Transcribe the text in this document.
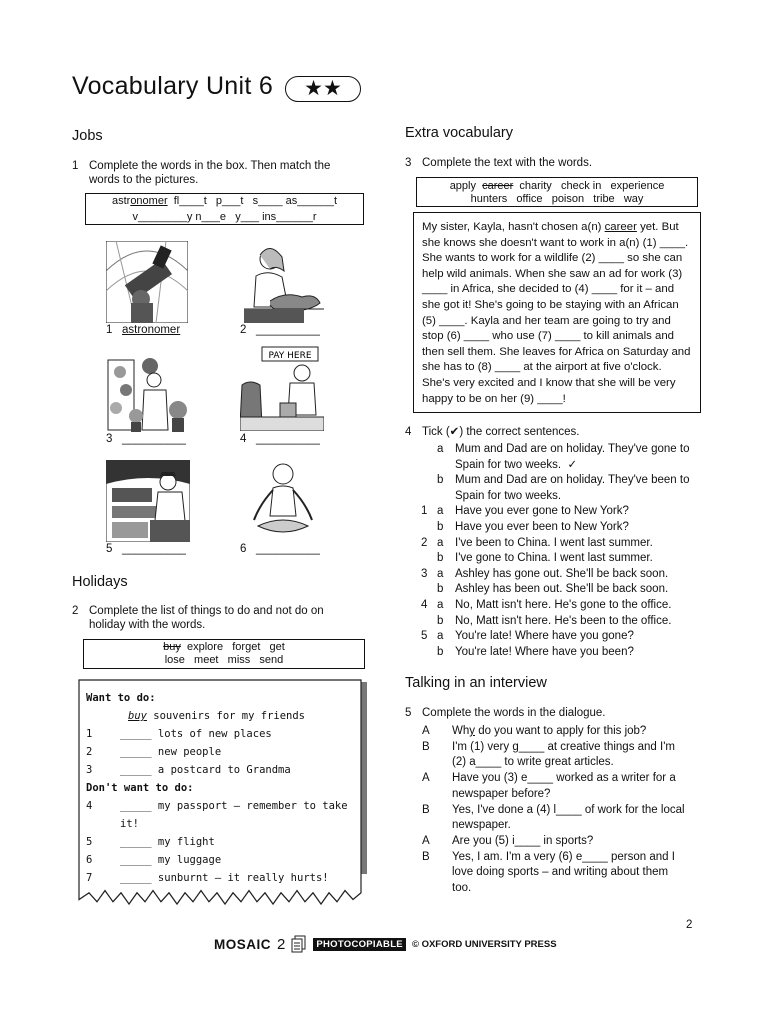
Vocabulary Unit 6	★★
Jobs
1 Complete the words in the box. Then match the
words to the pictures.
astronomer  fl____t   p___t   s____ as______t
v________y n___e   y___ ins______r
1 astronomer	2 __________
3 __________
PAY HERE
4 __________
5 __________	6 __________
Holidays
2 Complete the list of things to do and not do on
holiday with the words.
buy  explore   forget   get
lose   meet   miss   send
Want to do:
buy souvenirs for my friends
1	_____ lots of new places
2	_____ new people
3	_____ a postcard to Grandma
Don't want to do:
4	_____ my passport – remember to take it!
5	_____ my flight
6	_____ my luggage
7	_____ sunburnt – it really hurts!
Extra vocabulary
3 Complete the text with the words.
apply  career  charity   check in   experience
hunters   office   poison   tribe   way
My sister, Kayla, hasn't chosen a(n) career yet. But she knows she doesn't want to work in a(n) (1) ____. She wants to work for a wildlife (2) ____ so she can help wild animals. When she saw an ad for work (3) ____ in Africa, she decided to (4) ____ for it – and she got it! She's going to be staying with an African (5) ____. Kayla and her team are going to try and stop (6) ____ who use (7) ____ to kill animals and then sell them. She leaves for Africa on Saturday and she has to (8) ____ at the airport at five o'clock. She's very excited and I know that she will be very happy to be on her (9) ____!
4 Tick (✔) the correct sentences.
a	Mum and Dad are on holiday. They've gone to
Spain for two weeks.  ✓
b	Mum and Dad are on holiday. They've been to
Spain for two weeks.
1 a	Have you ever gone to New York?
b	Have you ever been to New York?
2 a	I've been to China. I went last summer.
b	I've gone to China. I went last summer.
3 a	Ashley has gone out. She'll be back soon.
b	Ashley has been out. She'll be back soon.
4 a	No, Matt isn't here. He's gone to the office.
b	No, Matt isn't here. He's been to the office.
5 a	You're late! Where have you gone?
b	You're late! Where have you been?
Talking in an interview
5 Complete the words in the dialogue.
A	Why do you want to apply for this job?
B	I'm (1) very g____ at creative things and I'm
(2) a____ to write great articles.
A	Have you (3) e____ worked as a writer for a
newspaper before?
B	Yes, I've done a (4) l____ of work for the local
newspaper.
A	Are you (5) i____ in sports?
B	Yes, I am. I'm a very (6) e____ person and I
love doing sports – and writing about them
too.
2
MOSAIC 2	PHOTOCOPIABLE © OXFORD UNIVERSITY PRESS
